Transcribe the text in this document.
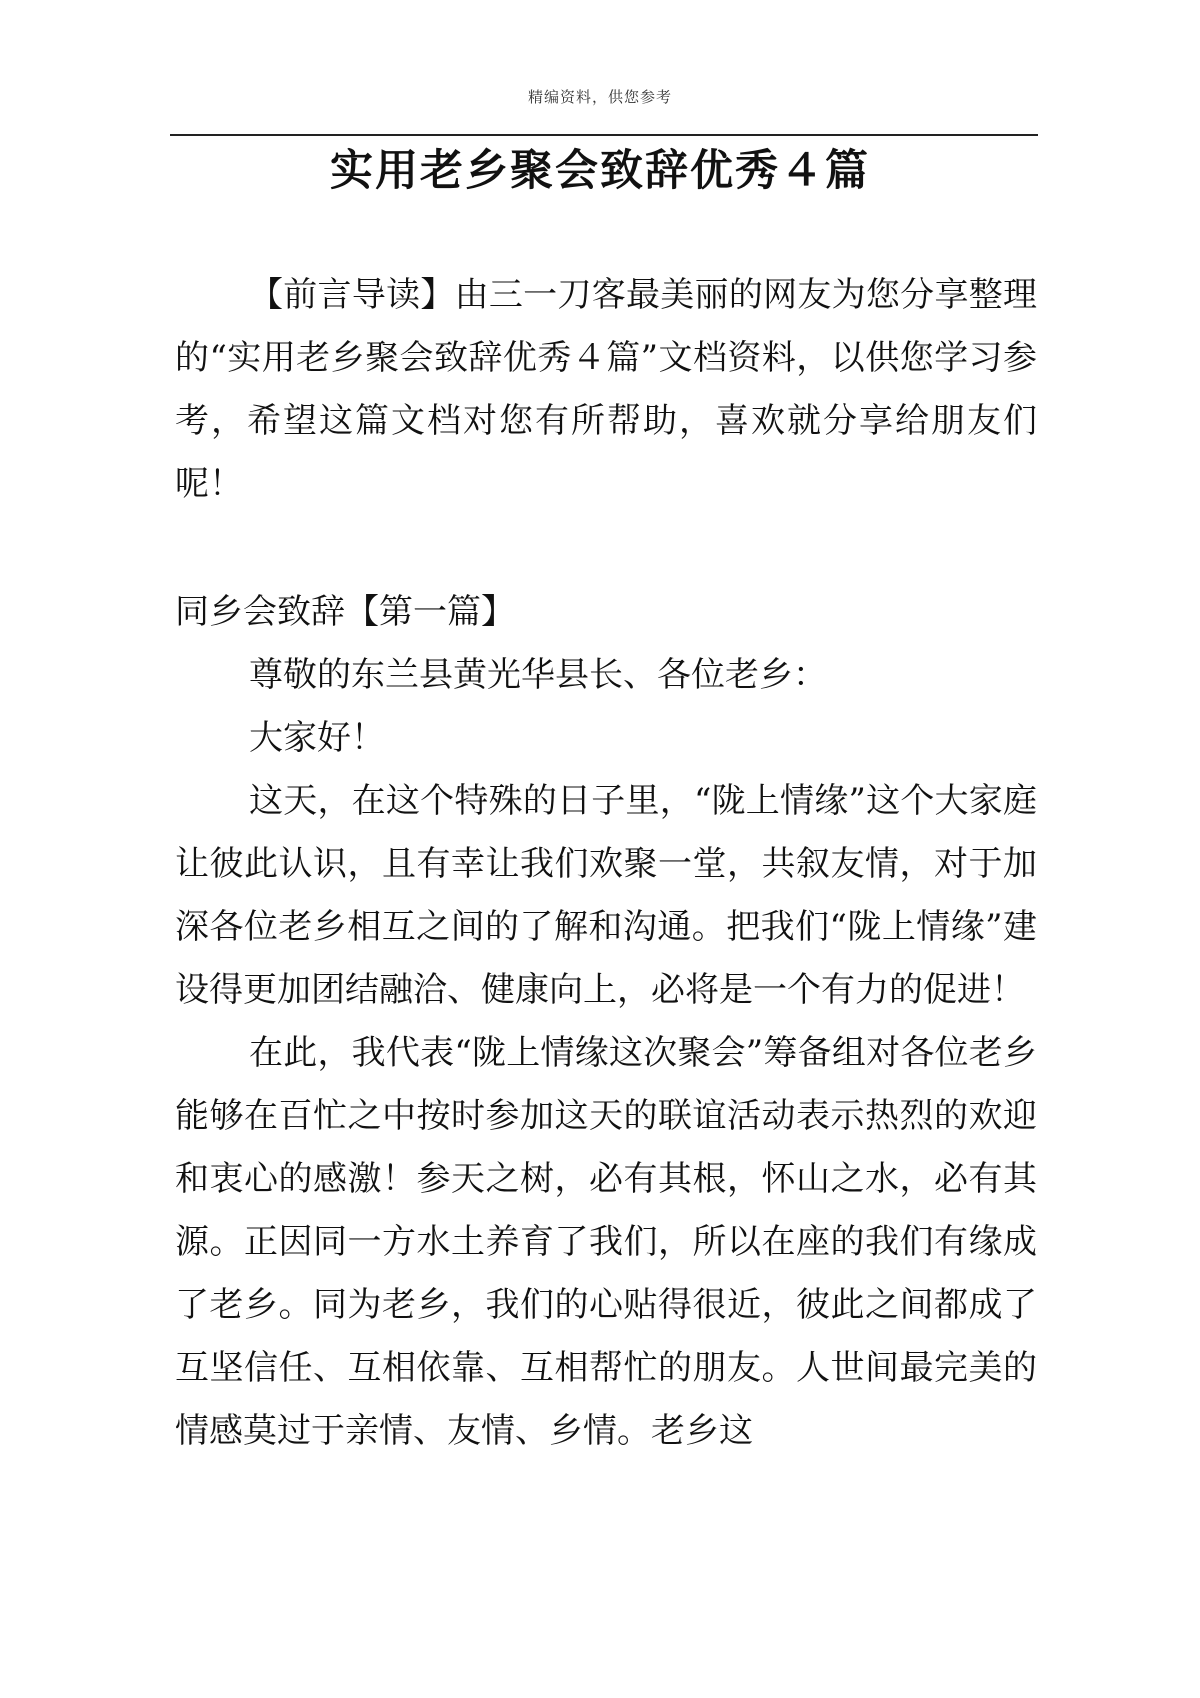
精编资料，供您参考
实用老乡聚会致辞优秀４篇

【前言导读】由三一刀客最美丽的网友为您分享整理的“实用老乡聚会致辞优秀４篇”文档资料，以供您学习参考，希望这篇文档对您有所帮助，喜欢就分享给朋友们呢！

同乡会致辞【第一篇】

尊敬的东兰县黄光华县长、各位老乡：

大家好！

这天，在这个特殊的日子里，“陇上情缘”这个大家庭让彼此认识，且有幸让我们欢聚一堂，共叙友情，对于加深各位老乡相互之间的了解和沟通。把我们“陇上情缘”建设得更加团结融洽、健康向上，必将是一个有力的促进！

在此，我代表“陇上情缘这次聚会”筹备组对各位老乡能够在百忙之中按时参加这天的联谊活动表示热烈的欢迎和衷心的感激！参天之树，必有其根，怀山之水，必有其源。正因同一方水土养育了我们，所以在座的我们有缘成了老乡。同为老乡，我们的心贴得很近，彼此之间都成了互坚信任、互相依靠、互相帮忙的朋友。人世间最完美的情感莫过于亲情、友情、乡情。老乡这
